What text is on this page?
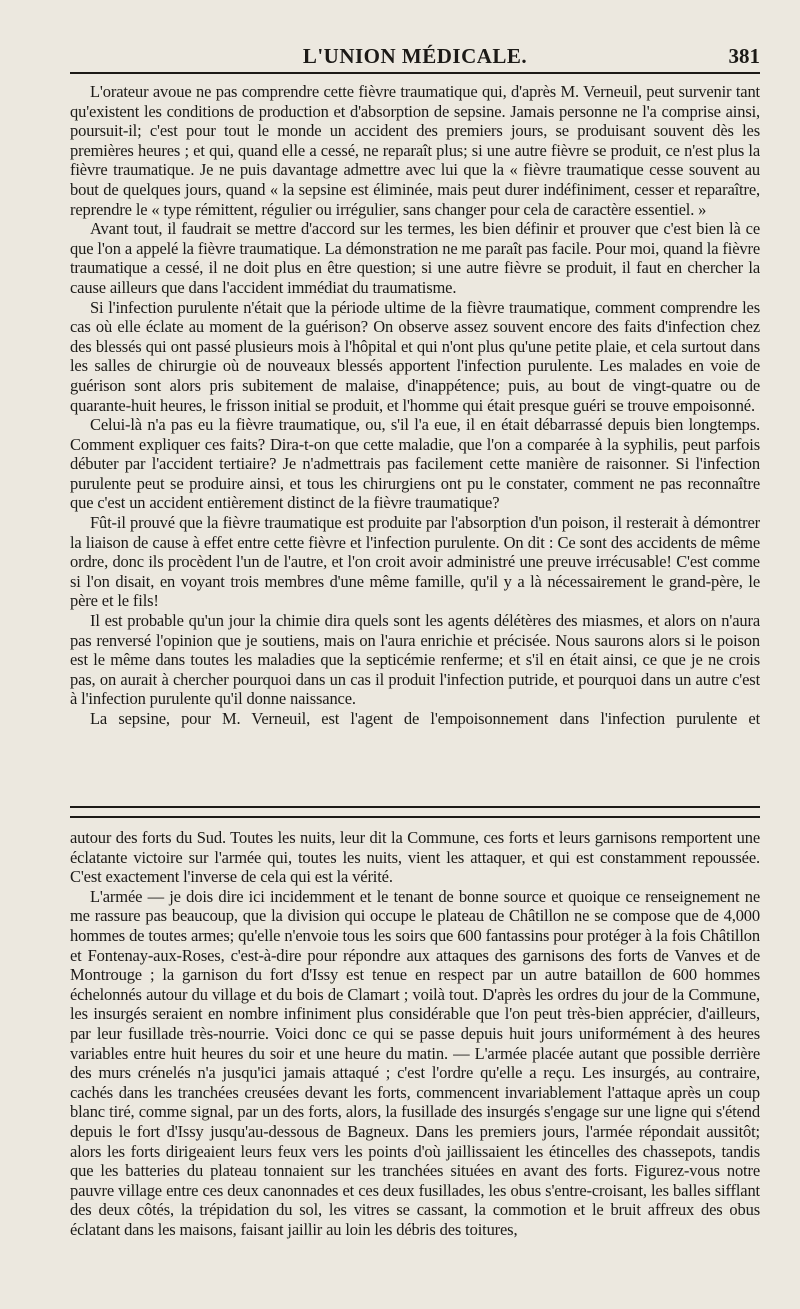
L'UNION MÉDICALE.	381

L'orateur avoue ne pas comprendre cette fièvre traumatique qui, d'après M. Verneuil, peut survenir tant qu'existent les conditions de production et d'absorption de sepsine. Jamais personne ne l'a comprise ainsi, poursuit-il; c'est pour tout le monde un accident des premiers jours, se produisant souvent dès les premières heures ; et qui, quand elle a cessé, ne reparaît plus; si une autre fièvre se produit, ce n'est plus la fièvre traumatique. Je ne puis davantage admettre avec lui que la « fièvre traumatique cesse souvent au bout de quelques jours, quand « la sepsine est éliminée, mais peut durer indéfiniment, cesser et reparaître, reprendre le « type rémittent, régulier ou irrégulier, sans changer pour cela de caractère essentiel. »

Avant tout, il faudrait se mettre d'accord sur les termes, les bien définir et prouver que c'est bien là ce que l'on a appelé la fièvre traumatique. La démonstration ne me paraît pas facile. Pour moi, quand la fièvre traumatique a cessé, il ne doit plus en être question; si une autre fièvre se produit, il faut en chercher la cause ailleurs que dans l'accident immédiat du traumatisme.

Si l'infection purulente n'était que la période ultime de la fièvre traumatique, comment comprendre les cas où elle éclate au moment de la guérison? On observe assez souvent encore des faits d'infection chez des blessés qui ont passé plusieurs mois à l'hôpital et qui n'ont plus qu'une petite plaie, et cela surtout dans les salles de chirurgie où de nouveaux blessés apportent l'infection purulente. Les malades en voie de guérison sont alors pris subitement de malaise, d'inappétence; puis, au bout de vingt-quatre ou de quarante-huit heures, le frisson initial se produit, et l'homme qui était presque guéri se trouve empoisonné.

Celui-là n'a pas eu la fièvre traumatique, ou, s'il l'a eue, il en était débarrassé depuis bien longtemps. Comment expliquer ces faits? Dira-t-on que cette maladie, que l'on a comparée à la syphilis, peut parfois débuter par l'accident tertiaire? Je n'admettrais pas facilement cette manière de raisonner. Si l'infection purulente peut se produire ainsi, et tous les chirurgiens ont pu le constater, comment ne pas reconnaître que c'est un accident entièrement distinct de la fièvre traumatique?

Fût-il prouvé que la fièvre traumatique est produite par l'absorption d'un poison, il resterait à démontrer la liaison de cause à effet entre cette fièvre et l'infection purulente. On dit : Ce sont des accidents de même ordre, donc ils procèdent l'un de l'autre, et l'on croit avoir administré une preuve irrécusable! C'est comme si l'on disait, en voyant trois membres d'une même famille, qu'il y a là nécessairement le grand-père, le père et le fils!

Il est probable qu'un jour la chimie dira quels sont les agents délétères des miasmes, et alors on n'aura pas renversé l'opinion que je soutiens, mais on l'aura enrichie et précisée. Nous saurons alors si le poison est le même dans toutes les maladies que la septicémie renferme; et s'il en était ainsi, ce que je ne crois pas, on aurait à chercher pourquoi dans un cas il produit l'infection putride, et pourquoi dans un autre c'est à l'infection purulente qu'il donne naissance.

La sepsine, pour M. Verneuil, est l'agent de l'empoisonnement dans l'infection purulente et

autour des forts du Sud. Toutes les nuits, leur dit la Commune, ces forts et leurs garnisons remportent une éclatante victoire sur l'armée qui, toutes les nuits, vient les attaquer, et qui est constamment repoussée. C'est exactement l'inverse de cela qui est la vérité.

L'armée — je dois dire ici incidemment et le tenant de bonne source et quoique ce renseignement ne me rassure pas beaucoup, que la division qui occupe le plateau de Châtillon ne se compose que de 4,000 hommes de toutes armes; qu'elle n'envoie tous les soirs que 600 fantassins pour protéger à la fois Châtillon et Fontenay-aux-Roses, c'est-à-dire pour répondre aux attaques des garnisons des forts de Vanves et de Montrouge ; la garnison du fort d'Issy est tenue en respect par un autre bataillon de 600 hommes échelonnés autour du village et du bois de Clamart ; voilà tout. D'après les ordres du jour de la Commune, les insurgés seraient en nombre infiniment plus considérable que l'on peut très-bien apprécier, d'ailleurs, par leur fusillade très-nourrie. Voici donc ce qui se passe depuis huit jours uniformément à des heures variables entre huit heures du soir et une heure du matin. — L'armée placée autant que possible derrière des murs crénelés n'a jusqu'ici jamais attaqué ; c'est l'ordre qu'elle a reçu. Les insurgés, au contraire, cachés dans les tranchées creusées devant les forts, commencent invariablement l'attaque après un coup blanc tiré, comme signal, par un des forts, alors, la fusillade des insurgés s'engage sur une ligne qui s'étend depuis le fort d'Issy jusqu'au-dessous de Bagneux. Dans les premiers jours, l'armée répondait aussitôt; alors les forts dirigeaient leurs feux vers les points d'où jaillissaient les étincelles des chassepots, tandis que les batteries du plateau tonnaient sur les tranchées situées en avant des forts. Figurez-vous notre pauvre village entre ces deux canonnades et ces deux fusillades, les obus s'entre-croisant, les balles sifflant des deux côtés, la trépidation du sol, les vitres se cassant, la commotion et le bruit affreux des obus éclatant dans les maisons, faisant jaillir au loin les débris des toitures,
